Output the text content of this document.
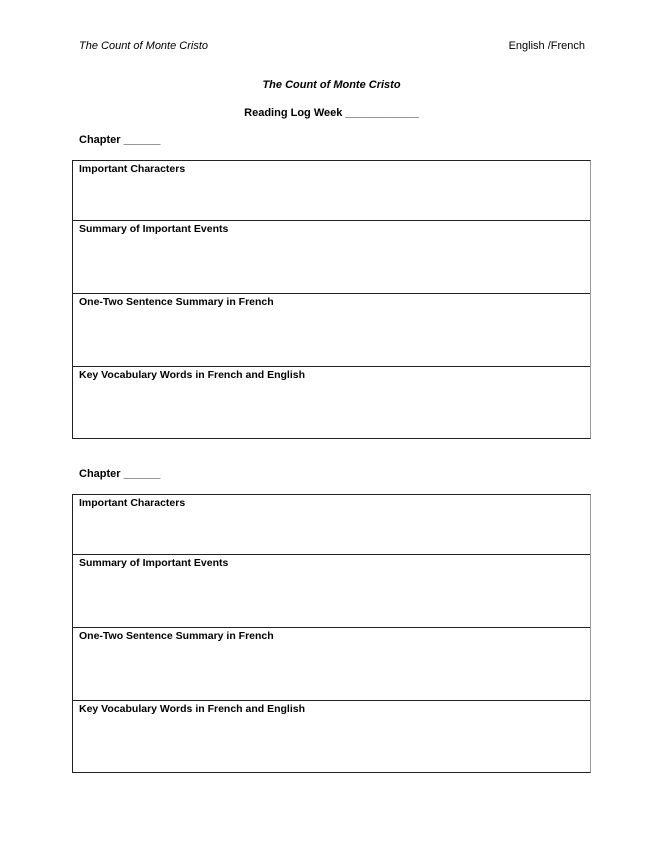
The Count of Monte Cristo	English /French
The Count of Monte Cristo
Reading Log Week ____________
Chapter ______
Important Characters
Summary of Important Events
One-Two Sentence Summary in French
Key Vocabulary Words in French and English
Chapter ______
Important Characters
Summary of Important Events
One-Two Sentence Summary in French
Key Vocabulary Words in French and English
